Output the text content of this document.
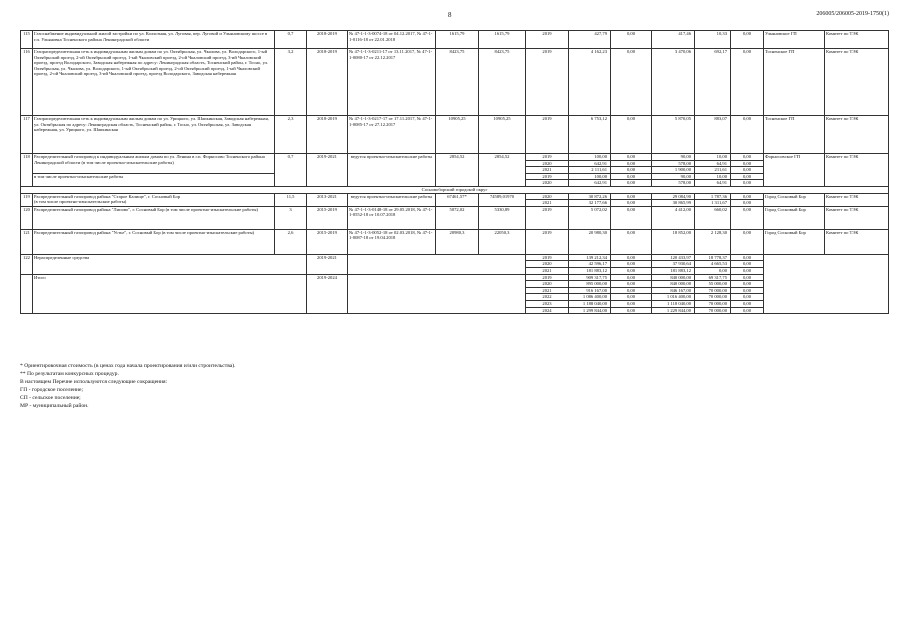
8	206005/206005-2019-1750(1)
115	Газоснабжение индивидуальной жилой застройки по ул. Колхозная, ул. Луговая, пер. Луговой и Ульяновскому шоссе в г.п. Ульяновка Тосненского района Ленинградской области	0,7	2018-2019	№ 47-1-1-3-0074-18 от 04.12.2017, № 47-1-1-0116-18 от 22.01.2018	1615,79	1615,79	2019	427,79	0,00	417,46	10,33	0,00	Ульяновское ГП	Комитет по ТЭК
116	Газораспределительная сеть к индивидуальным жилым домам по ул. Октябрьская, ул. Чкалова, ул. Володарского, 1-ый Октябрьский проезд, 2-ой Октябрьский проезд, 1-ый Чкаловский проезд, 2-ой Чкаловский проезд, 3-ий Чкаловский проезд, проезд Володарского, Заводская набережная по адресу: Ленинградская область, Тосненский район, г. Тосно, ул. Октябрьская, ул. Чкалова, ул. Володарского, 1-ый Октябрьский проезд, 2-ой Октябрьский проезд, 1-ый Чкаловский проезд, 2-ой Чкаловский проезд, 3-ий Чкаловский проезд, проезд Володарского, Заводская набережная	3,2	2018-2019	№ 47-1-1-3-0211-17 от 13.11.2017, № 47-1-1-0080-17 от 22.12.2017	8423,75	8423,75	2019	4 162,23	0,00	3 470,06	692,17	0,00	Тосненское ГП	Комитет по ТЭК
117	Газораспределительная сеть к индивидуальным жилым домам по ул. Урицкого, ул. Шапкинская, Заводская набережная, ул. Октябрьская по адресу: Ленинградская область, Тосненский район, г. Тосно, ул. Октябрьская, ул. Заводская набережная, ул. Урицкого, ул. Шапкинская	2,3	2018-2019	№ 47-1-1-3-0217-17 от 17.11.2017, № 47-1-1-0085-17 от 27.12.2017	10905,25	10905,25	2019	6 753,12	0,00	5 870,05	883,07	0,00	Тосненское ГП	Комитет по ТЭК
118	Распределительный газопровод к индивидуальным жилым домам по ул. Ленина в г.п. Форносово Тосненского района Ленинградской области (в том числе проектно-изыскательские работы)	0,7	2019-2021	ведутся проектно-изыскательские работы	2854,52	2854,52	2019	100,00	0,00	90,00	10,00	0,00	Форносовское ГП	Комитет по ТЭК
							2020	642,91	0,00	578,00	64,91	0,00		
							2021	2 111,61	0,00	1 900,00	211,61	0,00		
	в том числе проектно-изыскательские работы						2019	100,00	0,00	90,00	10,00	0,00		
							2020	642,91	0,00	578,00	64,91	0,00		
Сосновоборский городской округ														
119	Распределительный газопровод района "Старое Калище", г. Сосновый Бор
(в том числе проектно-изыскательские работы)	11,5	2013-2021	ведутся проектно-изыскательские работы	67461,57*	74589,01970	2020	30 872,26	0,00	29 084,90	1 787,36	0,00	Город Сосновый Бор	Комитет по ТЭК
							2021	32 177,66	0,00	30 865,99	1 311,67	0,00		
120	Распределительный газопровод района "Липово", г. Сосновый Бор (в том числе проектно-изыскательские работы)	3	2015-2019	№ 47-1-1-3-0148-18 от 29.05.2018, № 47-1-1-0552-18 от 10.07.2018	5072,02	5330,89	2019	5 072,02	0,00	4 412,00	660,02	0,00	Город Сосновый Бор	Комитет по ТЭК
121	Распределительный газопровод района "Устье", г. Сосновый Бор (в том числе проектно-изыскательские работы)	2,6	2015-2019	№ 47-1-1-3-0052-18 от 02.03.2018, № 47-1-1-0087-18 от 19.04.2018	20980,3	22050,3	2019	20 980,30	0,00	18 852,00	2 128,30	0,00	Город Сосновый Бор	Комитет по ТЭК
122	Нераспределенные средства		2019-2021				2019	139 212,34	0,00	120 433,97	18 778,37	0,00		
							2020	42 596,17	0,00	37 930,64	4 665,53	0,00		
							2021	181 883,12	0,00	181 883,12	0,00	0,00		
	Итого		2019-2024				2019	909 317,75	0,00	840 000,00	69 317,75	0,00		
							2020	895 000,00	0,00	840 000,00	55 000,00	0,00		
							2021	916 167,00	0,00	846 167,00	70 000,00	0,00		
							2022	1 086 400,00	0,00	1 016 400,00	70 000,00	0,00		
							2023	1 188 040,00	0,00	1 118 040,00	70 000,00	0,00		
							2024	1 299 844,00	0,00	1 229 844,00	70 000,00	0,00		
* Ориентировочная стоимость (в ценах года начала проектирования и/или строительства).
** По результатам конкурсных процедур.
В настоящем Перечне используются следующие сокращения:
ГП - городское поселение;
СП - сельское поселение;
МР - муниципальный район.
